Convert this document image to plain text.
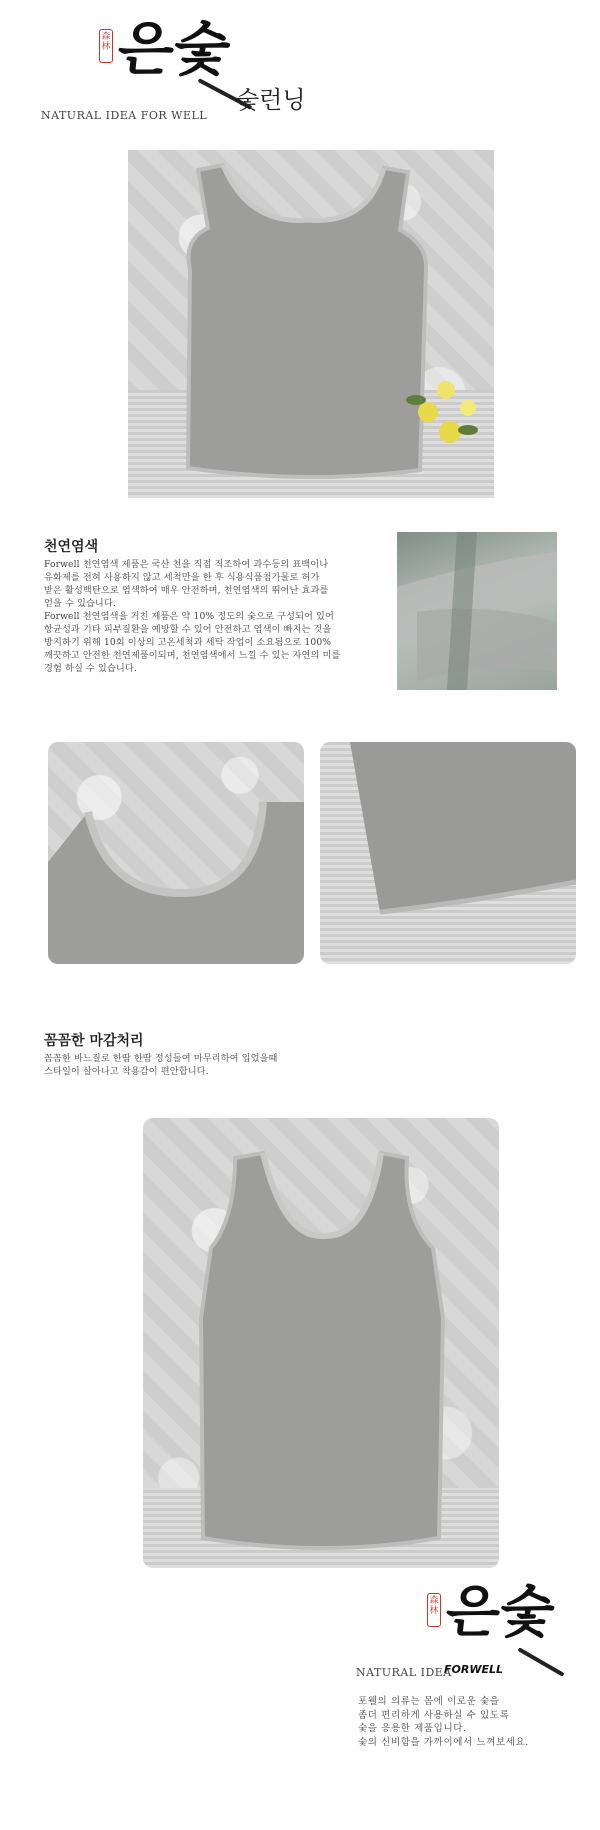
森林 은숯
숯런닝
NATURAL IDEA FOR WELL
천연염색
Forwell 천연염색 제품은 국산 천을 직접 직조하여 과수등의 표백이나
유화제를 전혀 사용하지 않고 세척만을 한 후 식용식품첨가물로 허가
받은 활성백탄으로 염색하여 매우 안전하며, 천연염색의 뛰어난 효과를
얻을 수 있습니다.
Forwell 천연염색을 거친 제품은 약 10% 정도의 숯으로 구성되어 있어
항균성과 기타 피부질환을 예방할 수 있어 안전하고 염색이 빠지는 것을
방지하기 위해 10회 이상의 고온세척과 세탁 작업이 소요됨으로 100%
깨끗하고 안전한 천연제품이되며, 천연염색에서 느낄 수 있는 자연의 미를
경험 하실 수 있습니다.
꼼꼼한 마감처리
꼼꼼한 바느질로 한땀 한땀 정성들여 마무리하여 입었을때
스타일이 살아나고 착용감이 편안합니다.
森林 은숯
NATURAL IDEA
FORWELL
포웰의 의류는 몸에 이로운 숯을
좀더 편리하게 사용하실 수 있도록
숯을 응용한 제품입니다.
숯의 신비함을 가까이에서 느껴보세요.
